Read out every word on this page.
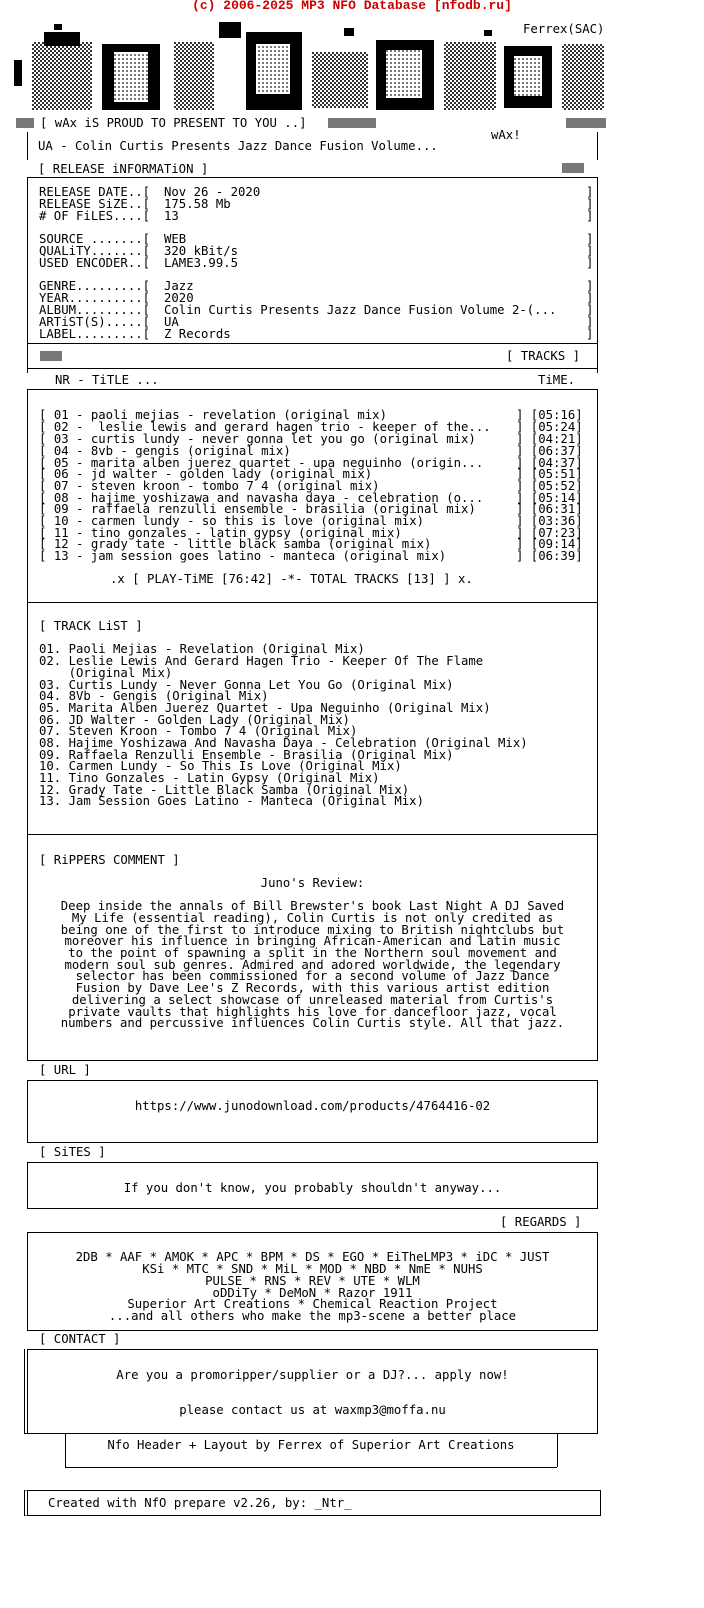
(c) 2006-2025 MP3 NFO Database [nfodb.ru]
Ferrex(SAC)
[ wAx iS PROUD TO PRESENT TO YOU ..]
wAx!
UA - Colin Curtis Presents Jazz Dance Fusion Volume...
[ RELEASE iNFORMATiON ]
RELEASE DATE..[ Nov 26 - 2020
RELEASE SiZE..[ 175.58 Mb
# OF FiLES....[ 13
SOURCE .......[ WEB
QUALiTY.......[ 320 kBit/s
USED ENCODER..[ LAME3.99.5
GENRE.........[ Jazz
YEAR..........[ 2020
ALBUM.........[ Colin Curtis Presents Jazz Dance Fusion Volume 2-(...
ARTiST(S).....[ UA
LABEL.........[ Z Records
]
]
]
]
]
]
]
]
]
]
]
[ TRACKS ]
NR - TiTLE ...	TiME.
[ 01 - paoli mejias - revelation (original mix)	] [05:16]
[ 02 -  leslie lewis and gerard hagen trio - keeper of the... ] [05:24]
[ 03 - curtis lundy - never gonna let you go (original mix)	] [04:21]
[ 04 - 8vb - gengis (original mix)	] [06:37]
[ 05 - marita alben juerez quartet - upa neguinho (origin...	] [04:37]
[ 06 - jd walter - golden lady (original mix)	] [05:51]
[ 07 - steven kroon - tombo 7 4 (original mix)	] [05:52]
[ 08 - hajime yoshizawa and navasha daya - celebration (o...	] [05:14]
[ 09 - raffaela renzulli ensemble - brasilia (original mix)	] [06:31]
[ 10 - carmen lundy - so this is love (original mix)	] [03:36]
[ 11 - tino gonzales - latin gypsy (original mix)	] [07:23]
[ 12 - grady tate - little black samba (original mix)	] [09:14]
[ 13 - jam session goes latino - manteca (original mix)	] [06:39]
.x [ PLAY-TiME [76:42] -*- TOTAL TRACKS [13] ] x.
[ TRACK LiST ]
01. Paoli Mejias - Revelation (Original Mix)
02. Leslie Lewis And Gerard Hagen Trio - Keeper Of The Flame
(Original Mix)
03. Curtis Lundy - Never Gonna Let You Go (Original Mix)
04. 8Vb - Gengis (Original Mix)
05. Marita Alben Juerez Quartet - Upa Neguinho (Original Mix)
06. JD Walter - Golden Lady (Original Mix)
07. Steven Kroon - Tombo 7 4 (Original Mix)
08. Hajime Yoshizawa And Navasha Daya - Celebration (Original Mix)
09. Raffaela Renzulli Ensemble - Brasilia (Original Mix)
10. Carmen Lundy - So This Is Love (Original Mix)
11. Tino Gonzales - Latin Gypsy (Original Mix)
12. Grady Tate - Little Black Samba (Original Mix)
13. Jam Session Goes Latino - Manteca (Original Mix)
[ RiPPERS COMMENT ]
Juno's Review:
Deep inside the annals of Bill Brewster's book Last Night A DJ Saved
My Life (essential reading), Colin Curtis is not only credited as
being one of the first to introduce mixing to British nightclubs but
moreover his influence in bringing African-American and Latin music
to the point of spawning a split in the Northern soul movement and
modern soul sub genres. Admired and adored worldwide, the legendary
selector has been commissioned for a second volume of Jazz Dance
Fusion by Dave Lee's Z Records, with this various artist edition
delivering a select showcase of unreleased material from Curtis's
private vaults that highlights his love for dancefloor jazz, vocal
numbers and percussive influences Colin Curtis style. All that jazz.
[ URL ]
https://www.junodownload.com/products/4764416-02
[ SiTES ]
If you don't know, you probably shouldn't anyway...
[ REGARDS ]
2DB * AAF * AMOK * APC * BPM * DS * EGO * EiTheLMP3 * iDC * JUST
KSi * MTC * SND * MiL * MOD * NBD * NmE * NUHS
PULSE * RNS * REV * UTE * WLM
oDDiTy * DeMoN * Razor 1911
Superior Art Creations * Chemical Reaction Project
...and all others who make the mp3-scene a better place
[ CONTACT ]
Are you a promoripper/supplier or a DJ?... apply now!
please contact us at waxmp3@moffa.nu
Nfo Header + Layout by Ferrex of Superior Art Creations
Created with NfO prepare v2.26, by: _Ntr_
